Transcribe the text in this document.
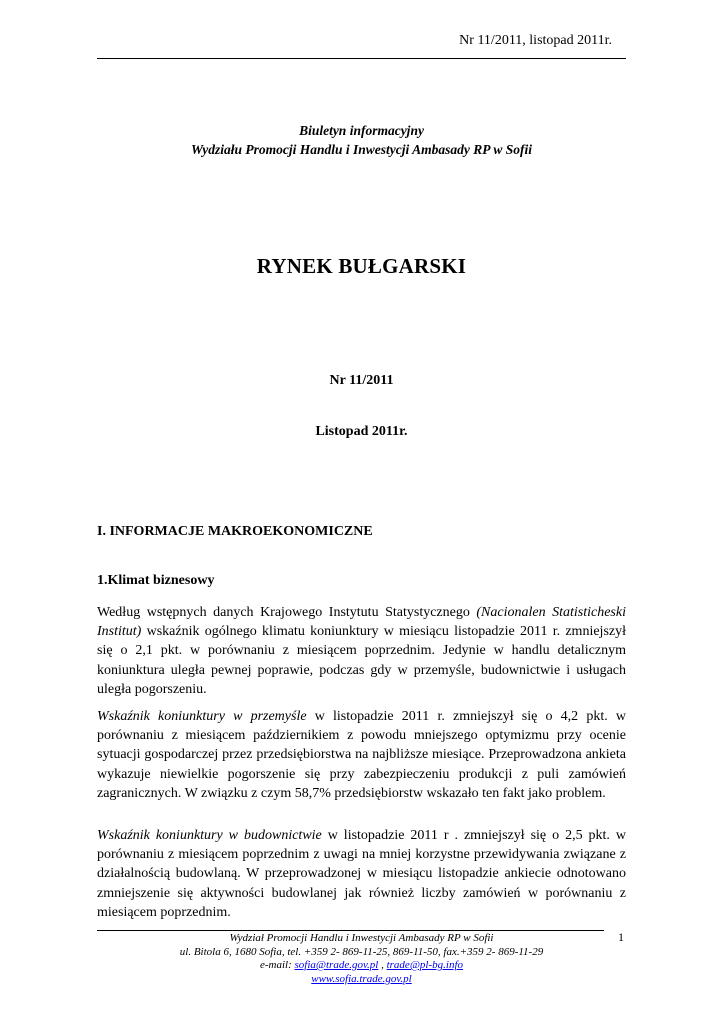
Nr 11/2011, listopad 2011r.
Biuletyn informacyjny
Wydziału Promocji Handlu i Inwestycji Ambasady RP w Sofii
RYNEK BUŁGARSKI
Nr 11/2011
Listopad 2011r.
I. INFORMACJE MAKROEKONOMICZNE
1.Klimat biznesowy
Według wstępnych danych Krajowego Instytutu Statystycznego (Nacionalen Statisticheski Institut) wskaźnik ogólnego klimatu koniunktury w miesiącu listopadzie 2011 r. zmniejszył się o 2,1 pkt. w porównaniu z miesiącem poprzednim. Jedynie w handlu detalicznym koniunktura uległa pewnej poprawie, podczas gdy w przemyśle, budownictwie i usługach uległa pogorszeniu.
Wskaźnik koniunktury w przemyśle w listopadzie 2011 r. zmniejszył się o 4,2 pkt. w porównaniu z miesiącem październikiem z powodu mniejszego optymizmu przy ocenie sytuacji gospodarczej przez przedsiębiorstwa na najbliższe miesiące. Przeprowadzona ankieta wykazuje niewielkie pogorszenie się przy zabezpieczeniu produkcji z puli zamówień zagranicznych. W związku z czym 58,7% przedsiębiorstw wskazało ten fakt jako problem.
Wskaźnik koniunktury w budownictwie w listopadzie 2011 r . zmniejszył się o 2,5 pkt. w porównaniu z miesiącem poprzednim z uwagi na mniej korzystne przewidywania związane z działalnością budowlaną. W przeprowadzonej w miesiącu listopadzie ankiecie odnotowano zmniejszenie się aktywności budowlanej jak również liczby zamówień w porównaniu z miesiącem poprzednim.
Wydział Promocji Handlu i Inwestycji Ambasady RP w Sofii
ul. Bitola 6, 1680 Sofia, tel. +359 2- 869-11-25, 869-11-50, fax.+359 2- 869-11-29
e-mail: sofia@trade.gov.pl , trade@pl-bg.info
www.sofia.trade.gov.pl
1
